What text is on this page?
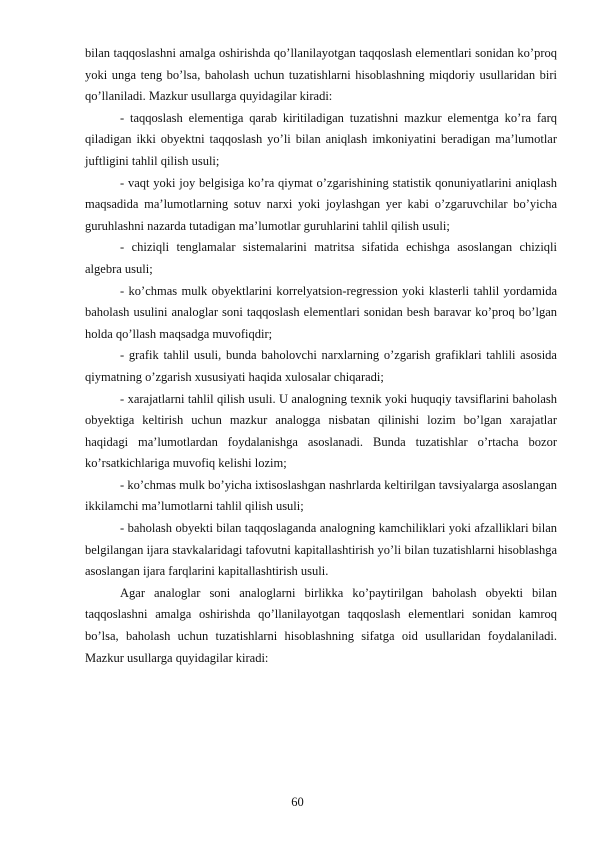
bilan taqqoslashni amalga oshirishda qo’llanilayotgan taqqoslash elementlari sonidan ko’proq yoki unga teng bo’lsa, baholash uchun tuzatishlarni hisoblashning miqdoriy usullaridan biri qo’llaniladi. Mazkur usullarga quyidagilar kiradi:

- taqqoslash elementiga qarab kiritiladigan tuzatishni mazkur elementga ko’ra farq qiladigan ikki obyektni taqqoslash yo’li bilan aniqlash imkoniyatini beradigan ma’lumotlar juftligini tahlil qilish usuli;

- vaqt yoki joy belgisiga ko’ra qiymat o’zgarishining statistik qonuniyatlarini aniqlash maqsadida ma’lumotlarning sotuv narxi yoki joylashgan yer kabi o’zgaruvchilar bo’yicha guruhlashni nazarda tutadigan ma’lumotlar guruhlarini tahlil qilish usuli;

- chiziqli tenglamalar sistemalarini matritsa sifatida echishga asoslangan chiziqli algebra usuli;

- ko’chmas mulk obyektlarini korrelyatsion-regression yoki klasterli tahlil yordamida baholash usulini analoglar soni taqqoslash elementlari sonidan besh baravar ko’proq bo’lgan holda qo’llash maqsadga muvofiqdir;

- grafik tahlil usuli, bunda baholovchi narxlarning o’zgarish grafiklari tahlili asosida qiymatning o’zgarish xususiyati haqida xulosalar chiqaradi;

- xarajatlarni tahlil qilish usuli. U analogning texnik yoki huquqiy tavsiflarini baholash obyektiga keltirish uchun mazkur analogga nisbatan qilinishi lozim bo’lgan xarajatlar haqidagi ma’lumotlardan foydalanishga asoslanadi. Bunda tuzatishlar o’rtacha bozor ko’rsatkichlariga muvofiq kelishi lozim;

- ko’chmas mulk bo’yicha ixtisoslashgan nashrlarda keltirilgan tavsiyalarga asoslangan ikkilamchi ma’lumotlarni tahlil qilish usuli;

- baholash obyekti bilan taqqoslaganda analogning kamchiliklari yoki afzalliklari bilan belgilangan ijara stavkalaridagi tafovutni kapitallashtirish yo’li bilan tuzatishlarni hisoblashga asoslangan ijara farqlarini kapitallashtirish usuli.

Agar analoglar soni analoglarni birlikka ko’paytirilgan baholash obyekti bilan taqqoslashni amalga oshirishda qo’llanilayotgan taqqoslash elementlari sonidan kamroq bo’lsa, baholash uchun tuzatishlarni hisoblashning sifatga oid usullaridan foydalaniladi. Mazkur usullarga quyidagilar kiradi:

60
